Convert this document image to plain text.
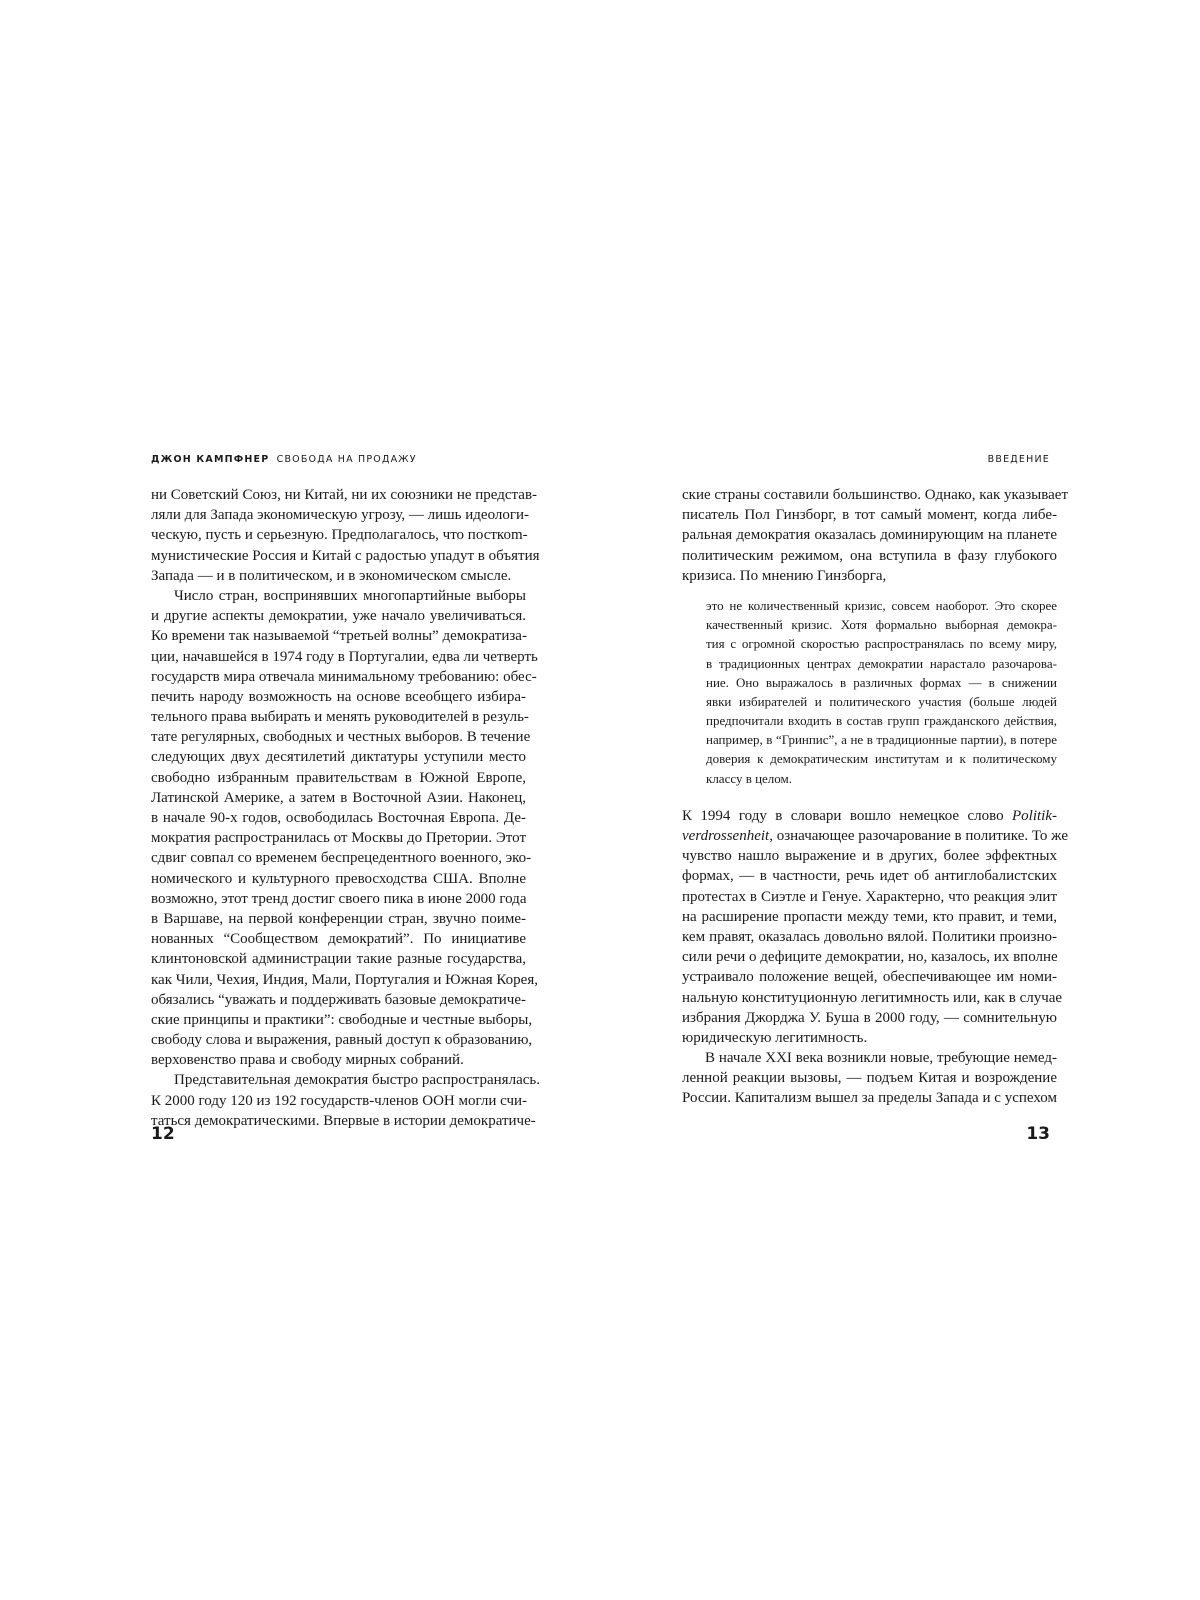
ДЖОН КАМПФНЕР СВОБОДА НА ПРОДАЖУ
ни Советский Союз, ни Китай, ни их союзники не представ-
ляли для Запада экономическую угрозу, — лишь идеологи-
ческую, пусть и серьезную. Предполагалось, что посткоm-
мунистические Россия и Китай с радостью упадут в объятия
Запада — и в политическом, и в экономическом смысле.
Число стран, воспринявших многопартийные выборы
и другие аспекты демократии, уже начало увеличиваться.
Ко времени так называемой “третьей волны” демократиза-
ции, начавшейся в 1974 году в Португалии, едва ли четверть
государств мира отвечала минимальному требованию: обес-
печить народу возможность на основе всеобщего избира-
тельного права выбирать и менять руководителей в резуль-
тате регулярных, свободных и честных выборов. В течение
следующих двух десятилетий диктатуры уступили место
свободно избранным правительствам в Южной Европе,
Латинской Америке, а затем в Восточной Азии. Наконец,
в начале 90-х годов, освободилась Восточная Европа. Де-
мократия распространилась от Москвы до Претории. Этот
сдвиг совпал со временем беспрецедентного военного, эко-
номического и культурного превосходства США. Вполне
возможно, этот тренд достиг своего пика в июне 2000 года
в Варшаве, на первой конференции стран, звучно поиме-
нованных “Сообществом демократий”. По инициативе
клинтоновской администрации такие разные государства,
как Чили, Чехия, Индия, Мали, Португалия и Южная Корея,
обязались “уважать и поддерживать базовые демократиче-
ские принципы и практики”: свободные и честные выборы,
свободу слова и выражения, равный доступ к образованию,
верховенство права и свободу мирных собраний.
Представительная демократия быстро распространялась.
К 2000 году 120 из 192 государств-членов ООН могли счи-
таться демократическими. Впервые в истории демократиче-
12
ВВЕДЕНИЕ
ские страны составили большинство. Однако, как указывает
писатель Пол Гинзборг, в тот самый момент, когда либе-
ральная демократия оказалась доминирующим на планете
политическим режимом, она вступила в фазу глубокого
кризиса. По мнению Гинзборга,
это не количественный кризис, совсем наоборот. Это скорее
качественный кризис. Хотя формально выборная демокра-
тия с огромной скоростью распространялась по всему миру,
в традиционных центрах демократии нарастало разочарова-
ние. Оно выражалось в различных формах — в снижении
явки избирателей и политического участия (больше людей
предпочитали входить в состав групп гражданского действия,
например, в “Гринпис”, а не в традиционные партии), в потере
доверия к демократическим институтам и к политическому
классу в целом.
К 1994 году в словари вошло немецкое слово Politik-
verdrossenheit, означающее разочарование в политике. То же
чувство нашло выражение и в других, более эффектных
формах, — в частности, речь идет об антиглобалистских
протестах в Сиэтле и Генуе. Характерно, что реакция элит
на расширение пропасти между теми, кто правит, и теми,
кем правят, оказалась довольно вялой. Политики произно-
сили речи о дефиците демократии, но, казалось, их вполне
устраивало положение вещей, обеспечивающее им номи-
нальную конституционную легитимность или, как в случае
избрания Джорджа У. Буша в 2000 году, — сомнительную
юридическую легитимность.
В начале XXI века возникли новые, требующие немед-
ленной реакции вызовы, — подъем Китая и возрождение
России. Капитализм вышел за пределы Запада и с успехом
13
